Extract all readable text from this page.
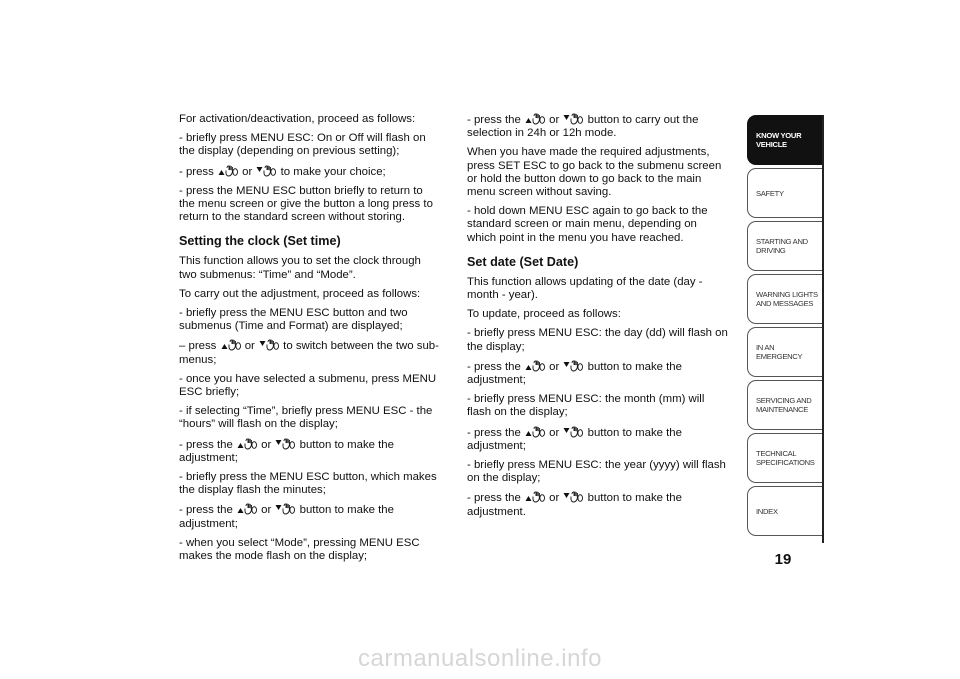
For activation/deactivation, proceed as follows:

- briefly press MENU ESC: On or Off will flash on the display (depending on previous setting);

- press
or
to make your choice;

- press the MENU ESC button briefly to return to the menu screen or give the button a long press to return to the standard screen without storing.

Setting the clock (Set time)

This function allows you to set the clock through two submenus: “Time” and “Mode”.

To carry out the adjustment, proceed as follows:

- briefly press the MENU ESC button and two submenus (Time and Format) are displayed;

– press
or
to switch between the two sub-menus;

- once you have selected a submenu, press MENU ESC briefly;

- if selecting “Time”, briefly press MENU ESC - the “hours” will flash on the display;

- press the
or
button to make the adjustment;

- briefly press the MENU ESC button, which makes the display flash the minutes;

- press the
or
button to make the adjustment;

- when you select “Mode”, pressing MENU ESC makes the mode flash on the display;

- press the
or
button to carry out the selection in 24h or 12h mode.

When you have made the required adjustments, press SET ESC to go back to the submenu screen or hold the button down to go back to the main menu screen without saving.

- hold down MENU ESC again to go back to the standard screen or main menu, depending on which point in the menu you have reached.

Set date (Set Date)

This function allows updating of the date (day - month - year).

To update, proceed as follows:

- briefly press MENU ESC: the day (dd) will flash on the display;

- press the
or
button to make the adjustment;

- briefly press MENU ESC: the month (mm) will flash on the display;

- press the
or
button to make the adjustment;

- briefly press MENU ESC: the year (yyyy) will flash on the display;

- press the
or
button to make the adjustment.

KNOW YOUR VEHICLE
SAFETY
STARTING AND DRIVING
WARNING LIGHTS AND MESSAGES
IN AN EMERGENCY
SERVICING AND MAINTENANCE
TECHNICAL SPECIFICATIONS
INDEX
19
carmanualsonline.info
